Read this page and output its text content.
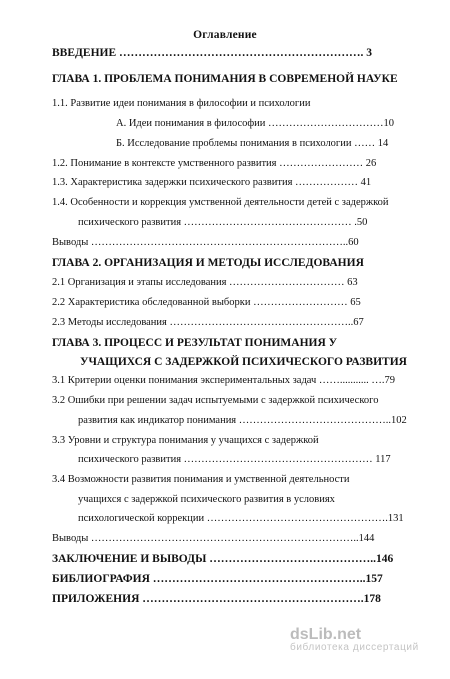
Оглавление
ВВЕДЕНИЕ ………………………………………………………. 3
ГЛАВА 1. ПРОБЛЕМА ПОНИМАНИЯ В СОВРЕМЕНОЙ НАУКЕ
1.1. Развитие идеи понимания в философии и психологии
А. Идеи понимания в философии ……………………………10
Б. Исследование проблемы понимания в психологии …… 14
1.2. Понимание в контексте умственного развития …………………… 26
1.3. Характеристика задержки психического развития ……………… 41
1.4. Особенности и коррекция умственной деятельности детей с задержкой
психического развития ………………………………………… .50
Выводы ………………………………………………………………..60
ГЛАВА 2. ОРГАНИЗАЦИЯ И МЕТОДЫ ИССЛЕДОВАНИЯ
2.1 Организация и этапы исследования …………………………… 63
2.2 Характеристика обследованной выборки ……………………… 65
2.3 Методы исследования ……………………………………………..67
ГЛАВА 3. ПРОЦЕСС И РЕЗУЛЬТАТ ПОНИМАНИЯ У
УЧАЩИХСЯ С ЗАДЕРЖКОЙ ПСИХИЧЕСКОГО РАЗВИТИЯ
3.1 Критерии оценки понимания экспериментальных задач ……........... ….79
3.2 Ошибки при решении задач испытуемыми с задержкой психического
развития как индикатор понимания ……………………………………..102
3.3 Уровни и структура понимания у учащихся с задержкой
психического развития ……………………………………………… 117
3.4 Возможности развития понимания и умственной деятельности
учащихся с задержкой психического развития в условиях
психологической коррекции …………………………………………….131
Выводы …………………………………………………………………..144
ЗАКЛЮЧЕНИЕ И ВЫВОДЫ ……………………………………..146
БИБЛИОГРАФИЯ ………………………………………………..157
ПРИЛОЖЕНИЯ ………………………………………………….178
dsLib.net
библиотека диссертаций
